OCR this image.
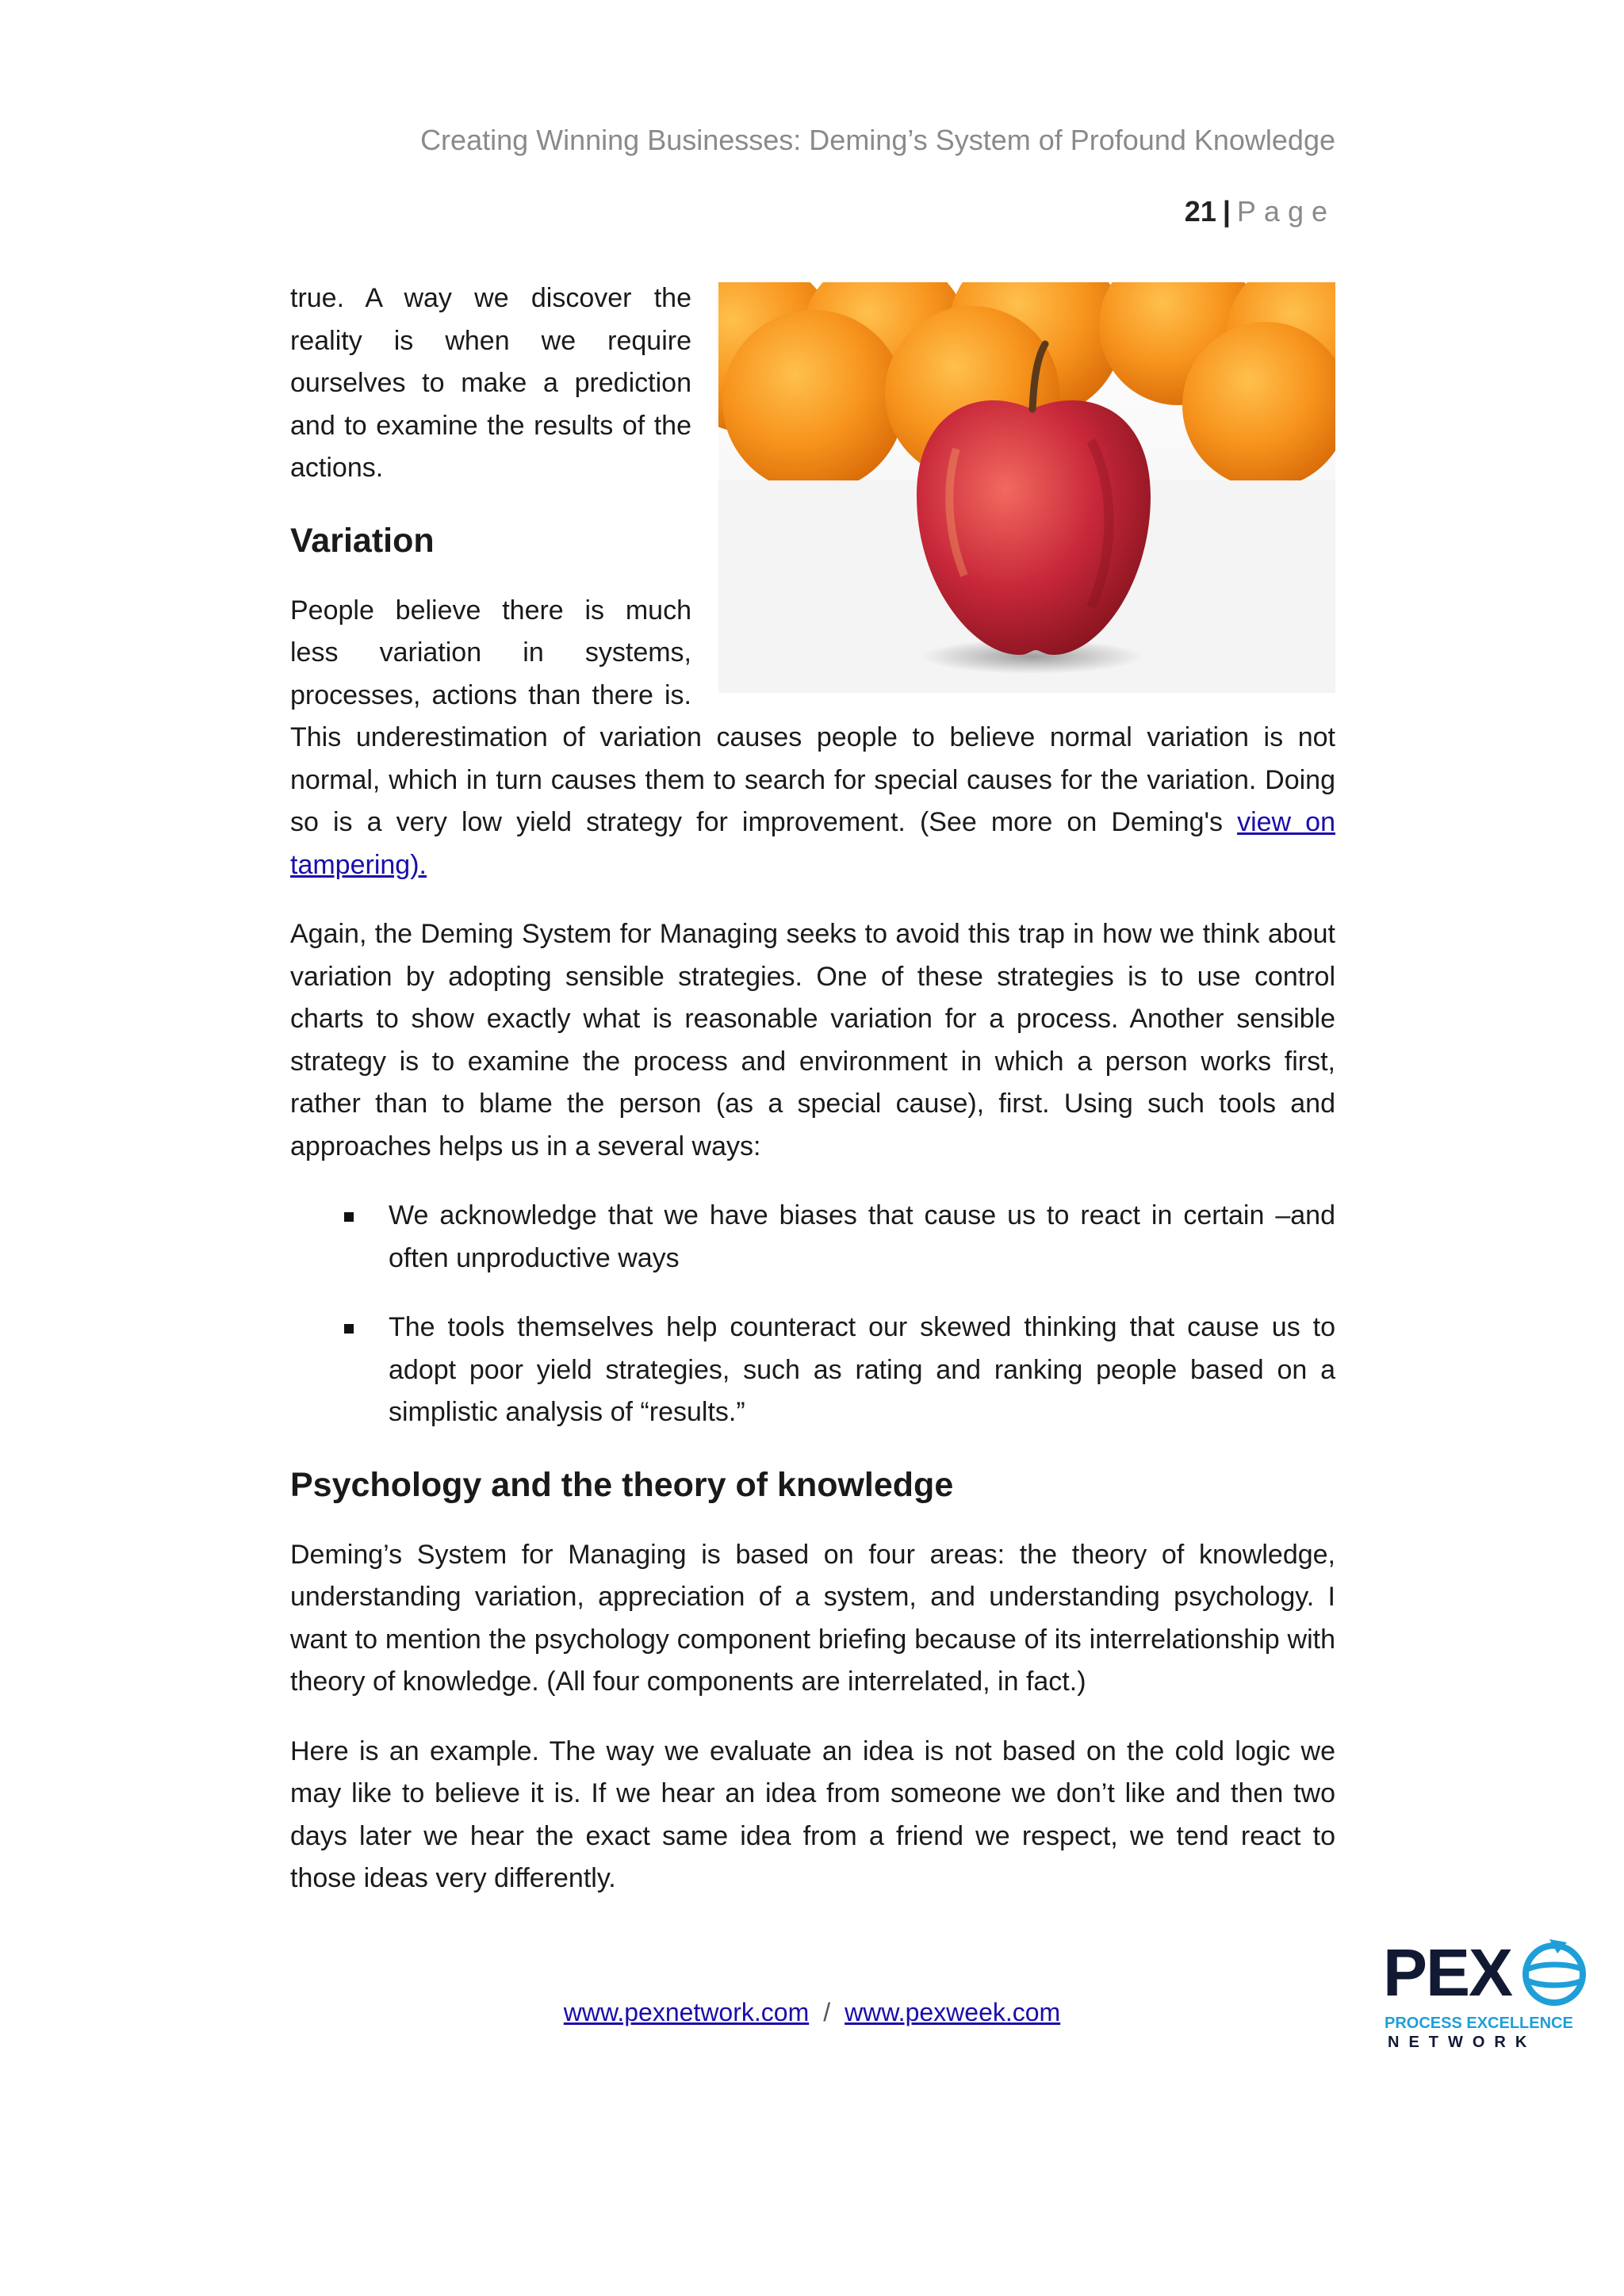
Creating Winning Businesses: Deming’s System of Profound Knowledge
21 | Page

true. A way we discover the reality is when we require ourselves to make a prediction and to examine the results of the actions.

Variation

People believe there is much less variation in systems, processes, actions than there is. This underestimation of variation causes people to believe normal variation is not normal, which in turn causes them to search for special causes for the variation. Doing so is a very low yield strategy for improvement. (See more on Deming's view on tampering).

Again, the Deming System for Managing seeks to avoid this trap in how we think about variation by adopting sensible strategies. One of these strategies is to use control charts to show exactly what is reasonable variation for a process. Another sensible strategy is to examine the process and environment in which a person works first, rather than to blame the person (as a special cause), first. Using such tools and approaches helps us in a several ways:

We acknowledge that we have biases that cause us to react in certain –and often unproductive ways
The tools themselves help counteract our skewed thinking that cause us to adopt poor yield strategies, such as rating and ranking people based on a simplistic analysis of “results.”
Psychology and the theory of knowledge

Deming’s System for Managing is based on four areas: the theory of knowledge, understanding variation, appreciation of a system, and understanding psychology. I want to mention the psychology component briefing because of its interrelationship with theory of knowledge. (All four components are interrelated, in fact.)

Here is an example. The way we evaluate an idea is not based on the cold logic we may like to believe it is. If we hear an idea from someone we don’t like and then two days later we hear the exact same idea from a friend we respect, we tend react to those ideas very differently.

www.pexnetwork.com / www.pexweek.com
PEX
PROCESS EXCELLENCE
NETWORK
